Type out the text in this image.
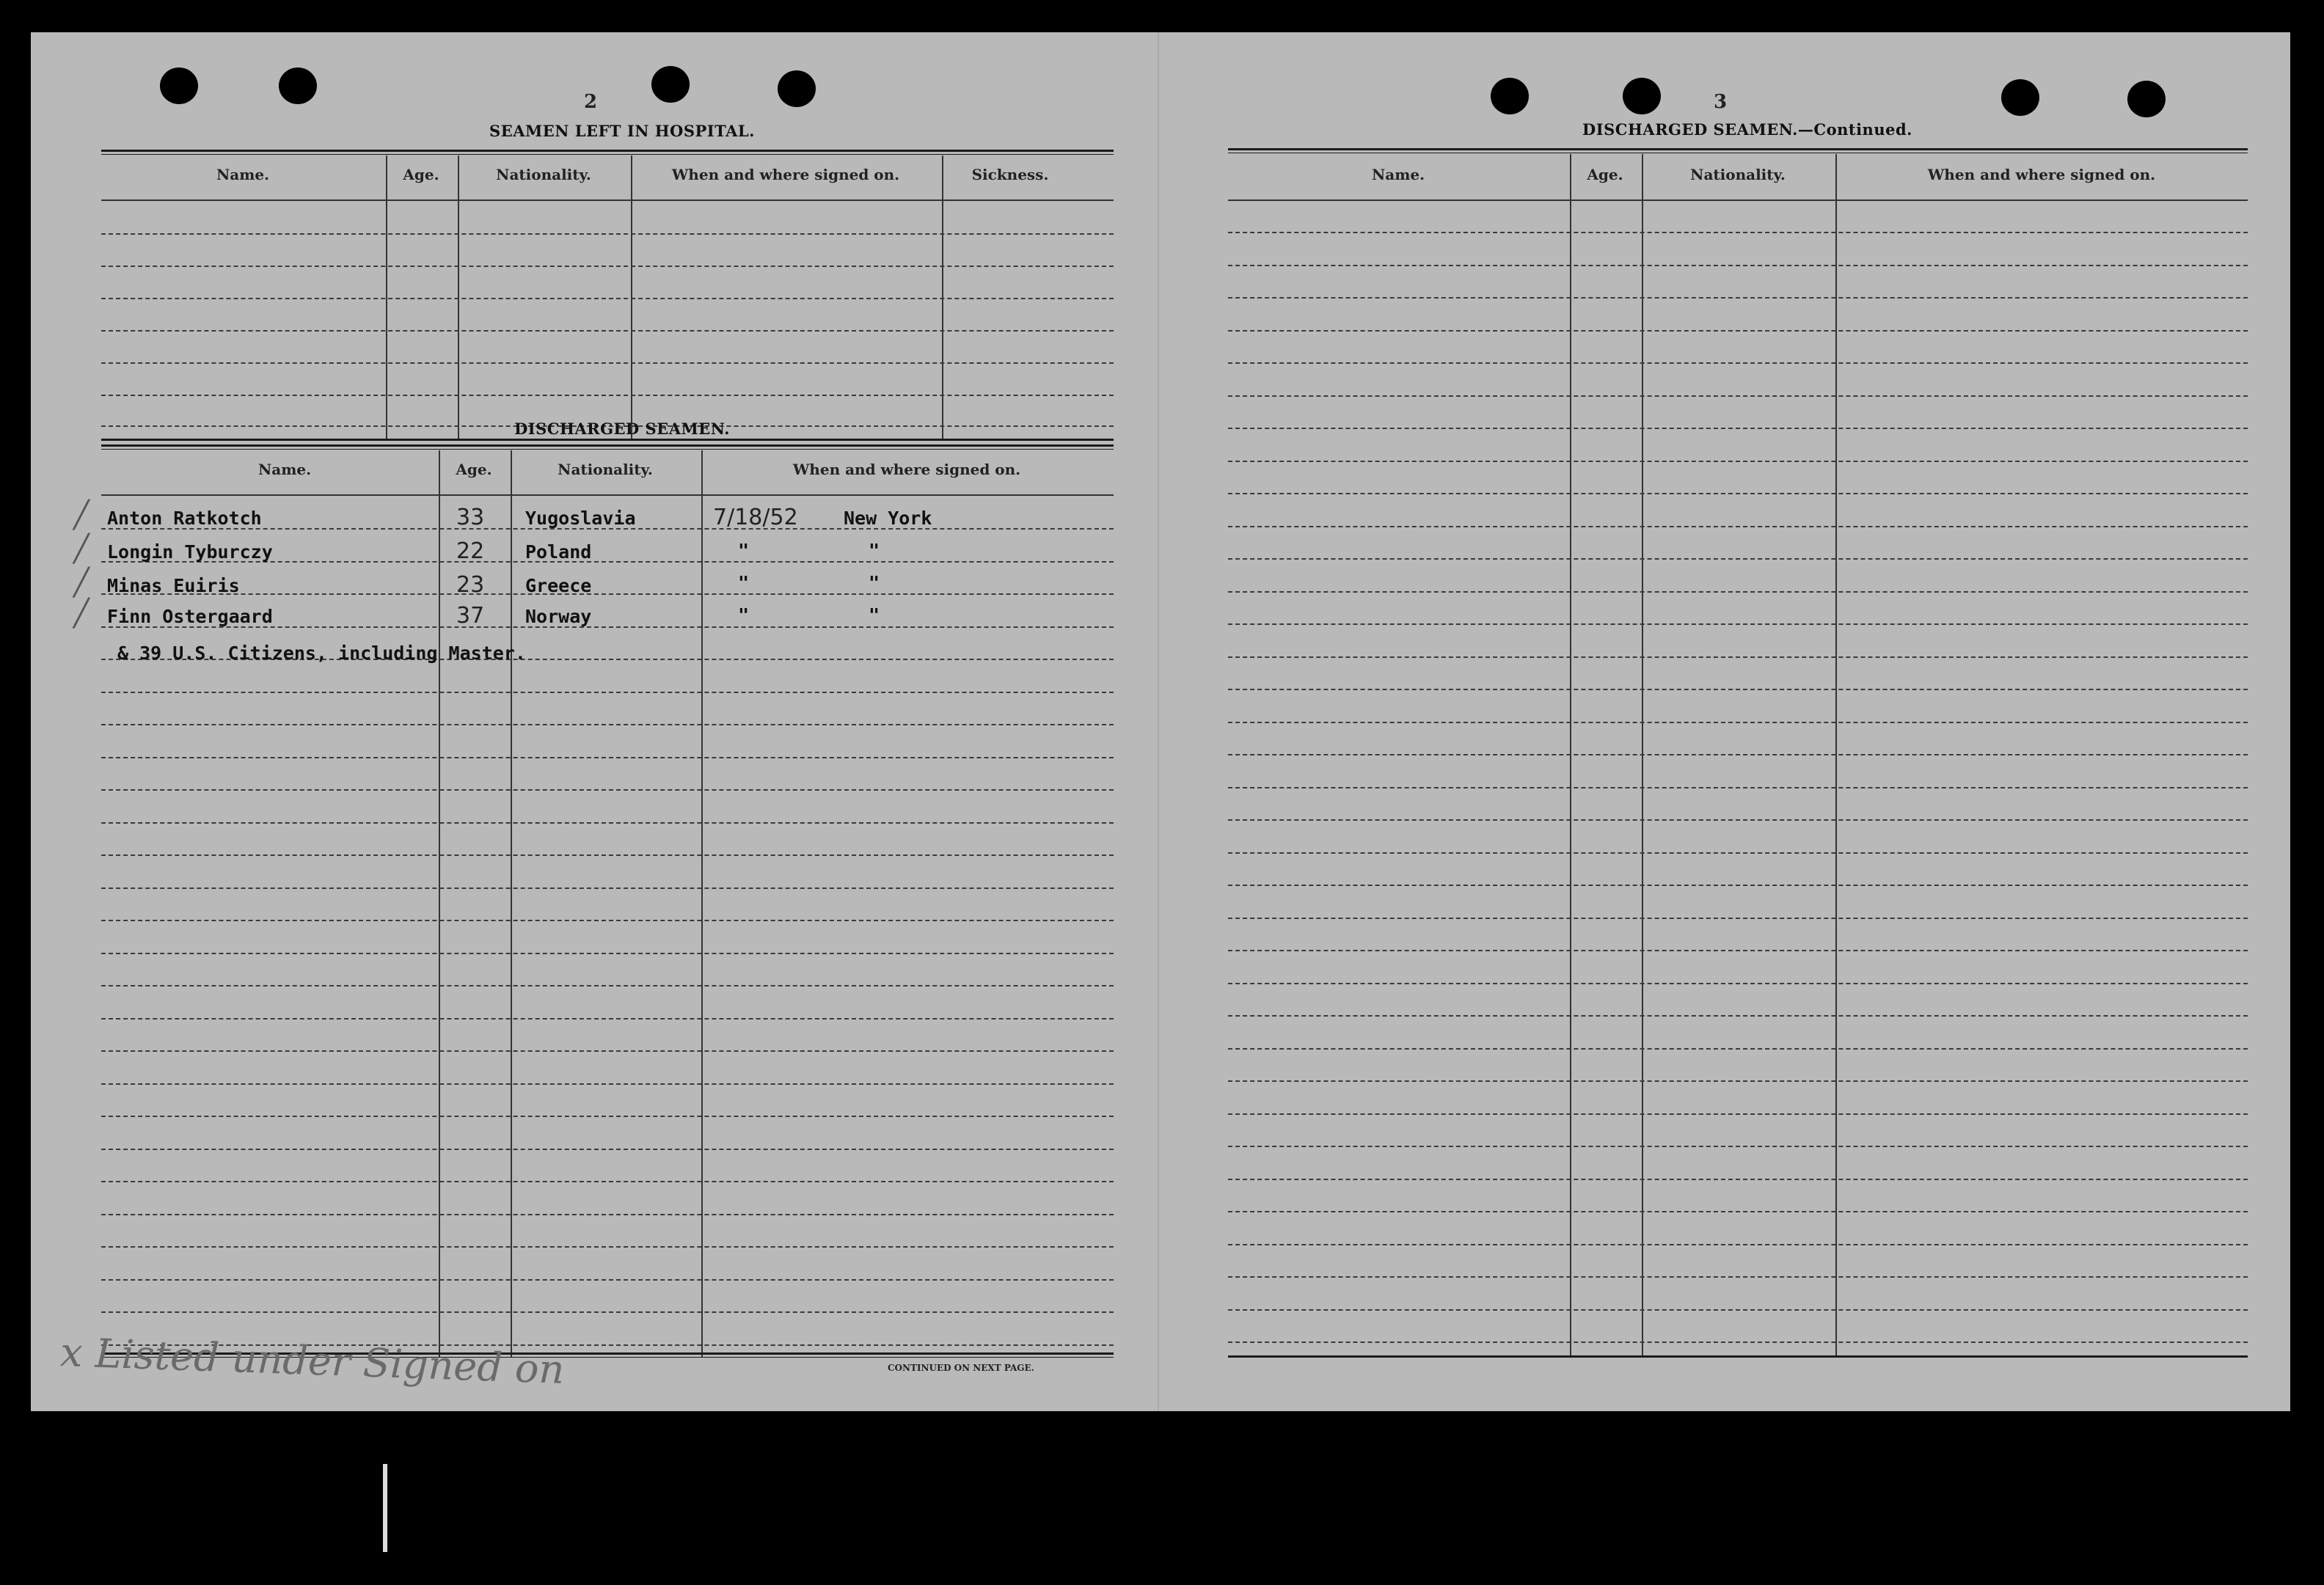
2
SEAMEN LEFT IN HOSPITAL.
Name.	Age.	Nationality.	When and where signed on.	Sickness.
DISCHARGED SEAMEN.
Name.	Age.	Nationality.	When and where signed on.
╱
╱
╱
╱
Anton Ratkotch	33 Yugoslavia	7/18/52 New York
Longin Tyburczy	22 Poland	"	"
Minas Euiris	23 Greece	"	"
Finn Ostergaard	37 Norway	"	"
& 39 U.S. Citizens, including Master.
CONTINUED ON NEXT PAGE.
x Listed under Signed on
3
DISCHARGED SEAMEN.—Continued.
Name.	Age.	Nationality.	When and where signed on.
